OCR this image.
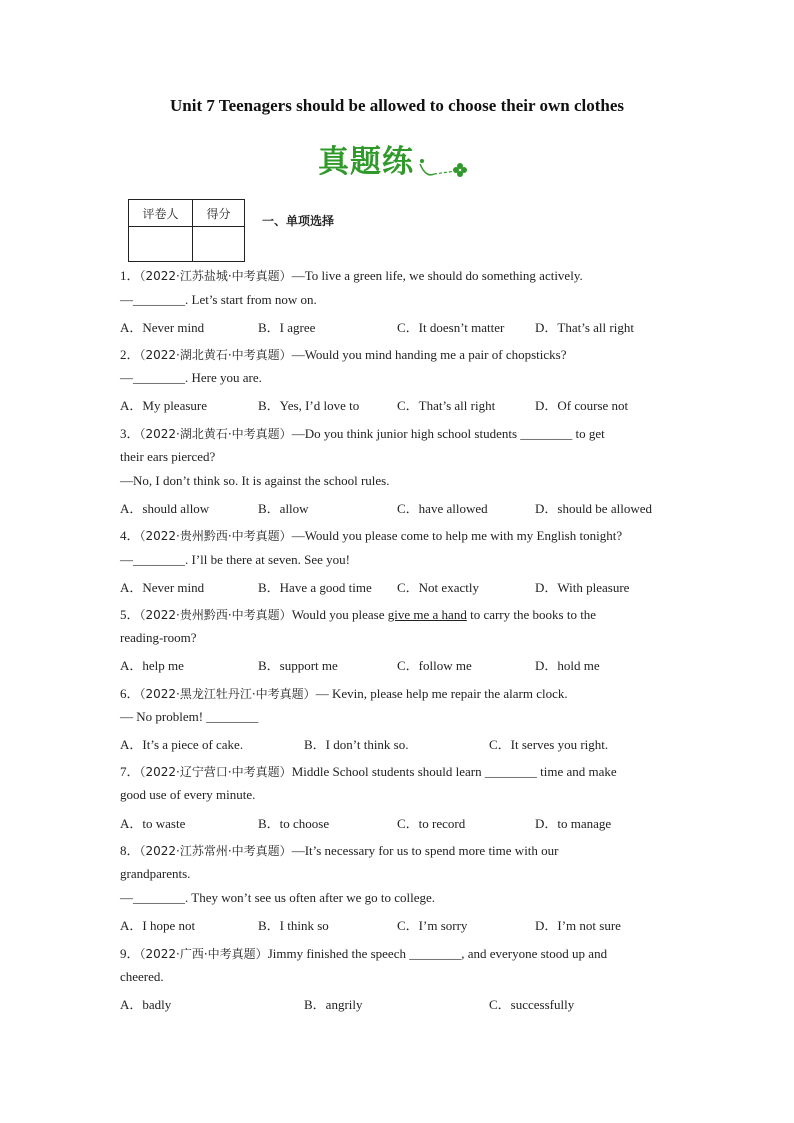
Unit 7 Teenagers should be allowed to choose their own clothes
真题练
评卷人	得分

一、单项选择
1．（2022·江苏盐城·中考真题）—To live a green life, we should do something actively.
—________. Let’s start from now on.
A．Never mind	B．I agree	C．It doesn’t matter D．That’s all right
2．（2022·湖北黄石·中考真题）—Would you mind handing me a pair of chopsticks?
—________. Here you are.
A．My pleasure	B．Yes, I’d love to	C．That’s all right	D．Of course not
3．（2022·湖北黄石·中考真题）—Do you think junior high school students ________ to get
their ears pierced?
—No, I don’t think so. It is against the school rules.
A．should allow	B．allow	C．have allowed	D．should be allowed
4．（2022·贵州黔西·中考真题）—Would you please come to help me with my English tonight?
—________. I’ll be there at seven. See you!
A．Never mind	B．Have a good time C．Not exactly	D．With pleasure
5．（2022·贵州黔西·中考真题）Would you please give me a hand to carry the books to the
reading-room?
A．help me	B．support me	C．follow me	D．hold me
6．（2022·黑龙江牡丹江·中考真题）— Kevin, please help me repair the alarm clock.
— No problem! ________
A．It’s a piece of cake.	B．I don’t think so.	C．It serves you right.
7．（2022·辽宁营口·中考真题）Middle School students should learn ________ time and make
good use of every minute.
A．to waste	B．to choose	C．to record	D．to manage
8．（2022·江苏常州·中考真题）—It’s necessary for us to spend more time with our
grandparents.
—________. They won’t see us often after we go to college.
A．I hope not	B．I think so	C．I’m sorry	D．I’m not sure
9．（2022·广西·中考真题）Jimmy finished the speech ________, and everyone stood up and
cheered.
A．badly	B．angrily	C．successfully
